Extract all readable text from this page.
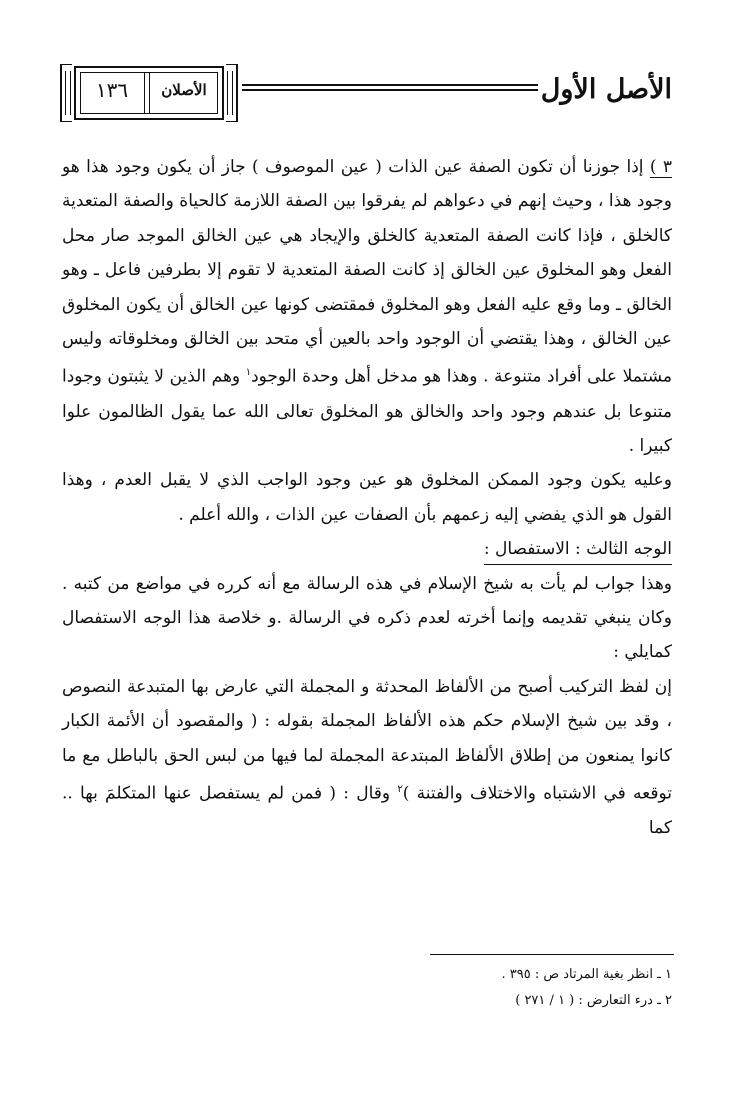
١٣٦	الأصلان	الأصل الأول

٣ ) إذا جوزنا أن تكون الصفة عين الذات ( عين الموصوف ) جاز أن يكون وجود هذا هو وجود هذا ، وحيث إنهم في دعواهم لم يفرقوا بين الصفة اللازمة كالحياة والصفة المتعدية كالخلق ، فإذا كانت الصفة المتعدية كالخلق والإيجاد هي عين الخالق الموجد صار محل الفعل وهو المخلوق عين الخالق إذ كانت الصفة المتعدية لا تقوم إلا بطرفين فاعل ـ وهو الخالق ـ وما وقع عليه الفعل وهو المخلوق فمقتضى كونها عين الخالق أن يكون المخلوق عين الخالق ، وهذا يقتضي أن الوجود واحد بالعين أي متحد بين الخالق ومخلوقاته وليس مشتملا على أفراد متنوعة . وهذا هو مدخل أهل وحدة الوجود$^١$ وهم الذين لا يثبتون وجودا متنوعا بل عندهم وجود واحد والخالق هو المخلوق تعالى الله عما يقول الظالمون علوا كبيرا .

وعليه يكون وجود الممكن المخلوق هو عين وجود الواجب الذي لا يقبل العدم ، وهذا القول هو الذي يفضي إليه زعمهم بأن الصفات عين الذات ، والله أعلم .

الوجه الثالث : الاستفصال :

وهذا جواب لم يأت به شيخ الإسلام في هذه الرسالة مع أنه كرره في مواضع من كتبه . وكان ينبغي تقديمه وإنما أخرته لعدم ذكره في الرسالة .و خلاصة هذا الوجه الاستفصال كمايلي :

إن لفظ التركيب أصبح من الألفاظ المحدثة و المجملة التي عارض بها المتبدعة النصوص ، وقد بين شيخ الإسلام حكم هذه الألفاظ المجملة بقوله : ( والمقصود أن الأئمة الكبار كانوا يمنعون من إطلاق الألفاظ المبتدعة المجملة لما فيها من لبس الحق بالباطل مع ما توقعه في الاشتباه والاختلاف والفتنة )$^٢$ وقال : ( فمن لم يستفصل عنها المتكلمَ بها .. كما

١ ـ انظر بغية المرتاد ص : ٣٩٥ .
٢ ـ درء التعارض : ( ١ / ٢٧١ )
